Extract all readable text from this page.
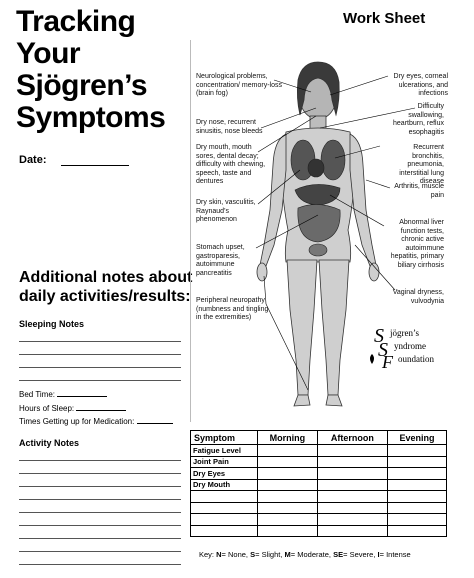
Tracking
Your
Sjögren’s
Symptoms
Work Sheet
Date:
Additional notes about
daily activities/results:
Sleeping Notes
Bed Time:
Hours of Sleep:
Times Getting up for Medication:
Activity Notes
Neurological problems, concentration/ memory-loss (brain fog)
Dry nose, recurrent sinusitis, nose bleeds
Dry mouth, mouth sores, dental decay; difficulty with chewing, speech, taste and dentures
Dry skin, vasculitis, Raynaud’s phenomenon
Stomach upset, gastroparesis, autoimmune pancreatitis
Peripheral neuropathy (numbness and tingling in the extremities)
Dry eyes, corneal ulcerations, and infections
Difficulty swallowing, heartburn, reflux esophagitis
Recurrent bronchitis, pneumonia, interstitial lung disease
Arthritis, muscle pain
Abnormal liver function tests, chronic active autoimmune hepatitis, primary biliary cirrhosis
Vaginal dryness, vulvodynia
S
S
F
jögren’s
yndrome
oundation
Symptom	Morning	Afternoon	Evening
Fatigue Level			
Joint Pain			
Dry Eyes			
Dry Mouth			

Key: N= None, S= Slight, M= Moderate, SE= Severe, I= Intense
